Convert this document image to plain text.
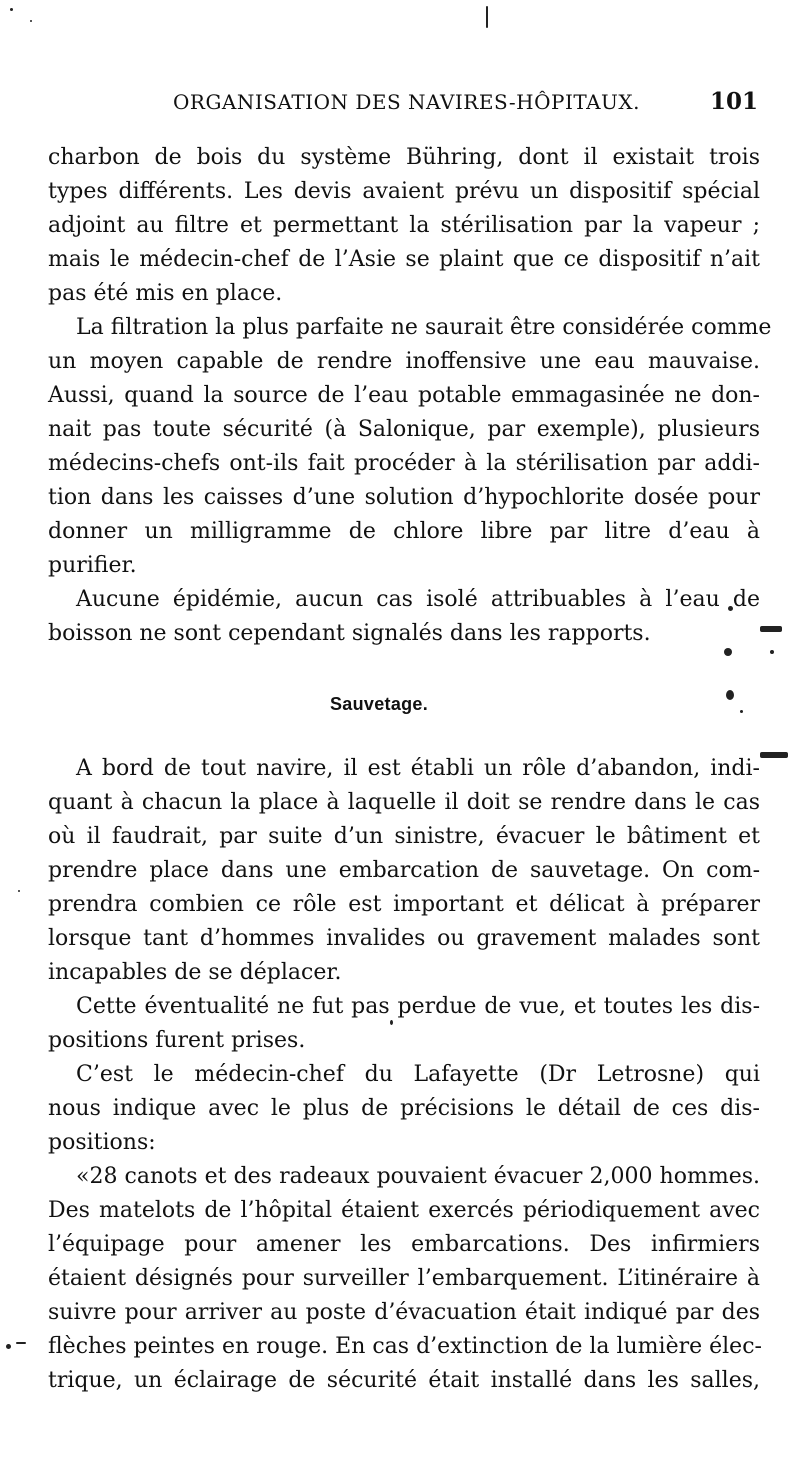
ORGANISATION DES NAVIRES-HÔPITAUX.	101
charbon de bois du système Bühring, dont il existait trois
types différents. Les devis avaient prévu un dispositif spécial
adjoint au filtre et permettant la stérilisation par la vapeur ;
mais le médecin-chef de l’Asie se plaint que ce dispositif n’ait
pas été mis en place.
La filtration la plus parfaite ne saurait être considérée comme
un moyen capable de rendre inoffensive une eau mauvaise.
Aussi, quand la source de l’eau potable emmagasinée ne don-
nait pas toute sécurité (à Salonique, par exemple), plusieurs
médecins-chefs ont-ils fait procéder à la stérilisation par addi-
tion dans les caisses d’une solution d’hypochlorite dosée pour
donner un milligramme de chlore libre par litre d’eau à
purifier.
Aucune épidémie, aucun cas isolé attribuables à l’eau de
boisson ne sont cependant signalés dans les rapports.
Sauvetage.
A bord de tout navire, il est établi un rôle d’abandon, indi-
quant à chacun la place à laquelle il doit se rendre dans le cas
où il faudrait, par suite d’un sinistre, évacuer le bâtiment et
prendre place dans une embarcation de sauvetage. On com-
prendra combien ce rôle est important et délicat à préparer
lorsque tant d’hommes invalides ou gravement malades sont
incapables de se déplacer.
Cette éventualité ne fut pas perdue de vue, et toutes les dis-
positions furent prises.
C’est le médecin-chef du Lafayette (Dr Letrosne) qui
nous indique avec le plus de précisions le détail de ces dis-
positions:
«28 canots et des radeaux pouvaient évacuer 2,000 hommes.
Des matelots de l’hôpital étaient exercés périodiquement avec
l’équipage pour amener les embarcations. Des infirmiers
étaient désignés pour surveiller l’embarquement. L’itinéraire à
suivre pour arriver au poste d’évacuation était indiqué par des
flèches peintes en rouge. En cas d’extinction de la lumière élec-
trique, un éclairage de sécurité était installé dans les salles,
